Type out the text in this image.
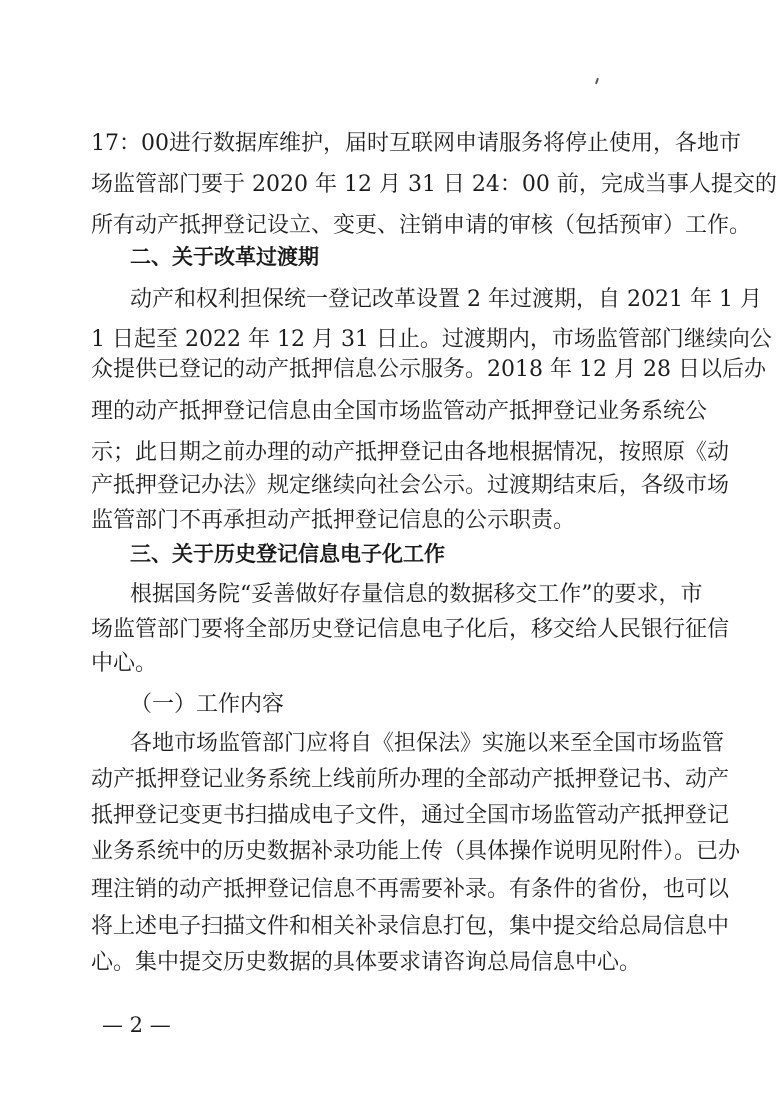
17：00进行数据库维护，届时互联网申请服务将停止使用，各地市
场监管部门要于 2020 年 12 月 31 日 24：00 前，完成当事人提交的
所有动产抵押登记设立、变更、注销申请的审核（包括预审）工作。
二、关于改革过渡期
动产和权利担保统一登记改革设置 2 年过渡期，自 2021 年 1 月
1 日起至 2022 年 12 月 31 日止。过渡期内，市场监管部门继续向公
众提供已登记的动产抵押信息公示服务。2018 年 12 月 28 日以后办
理的动产抵押登记信息由全国市场监管动产抵押登记业务系统公
示；此日期之前办理的动产抵押登记由各地根据情况，按照原《动
产抵押登记办法》规定继续向社会公示。过渡期结束后，各级市场
监管部门不再承担动产抵押登记信息的公示职责。
三、关于历史登记信息电子化工作
根据国务院“妥善做好存量信息的数据移交工作”的要求，市
场监管部门要将全部历史登记信息电子化后，移交给人民银行征信
中心。
（一）工作内容
各地市场监管部门应将自《担保法》实施以来至全国市场监管
动产抵押登记业务系统上线前所办理的全部动产抵押登记书、动产
抵押登记变更书扫描成电子文件，通过全国市场监管动产抵押登记
业务系统中的历史数据补录功能上传（具体操作说明见附件）。已办
理注销的动产抵押登记信息不再需要补录。有条件的省份，也可以
将上述电子扫描文件和相关补录信息打包，集中提交给总局信息中
心。集中提交历史数据的具体要求请咨询总局信息中心。
— 2 —
